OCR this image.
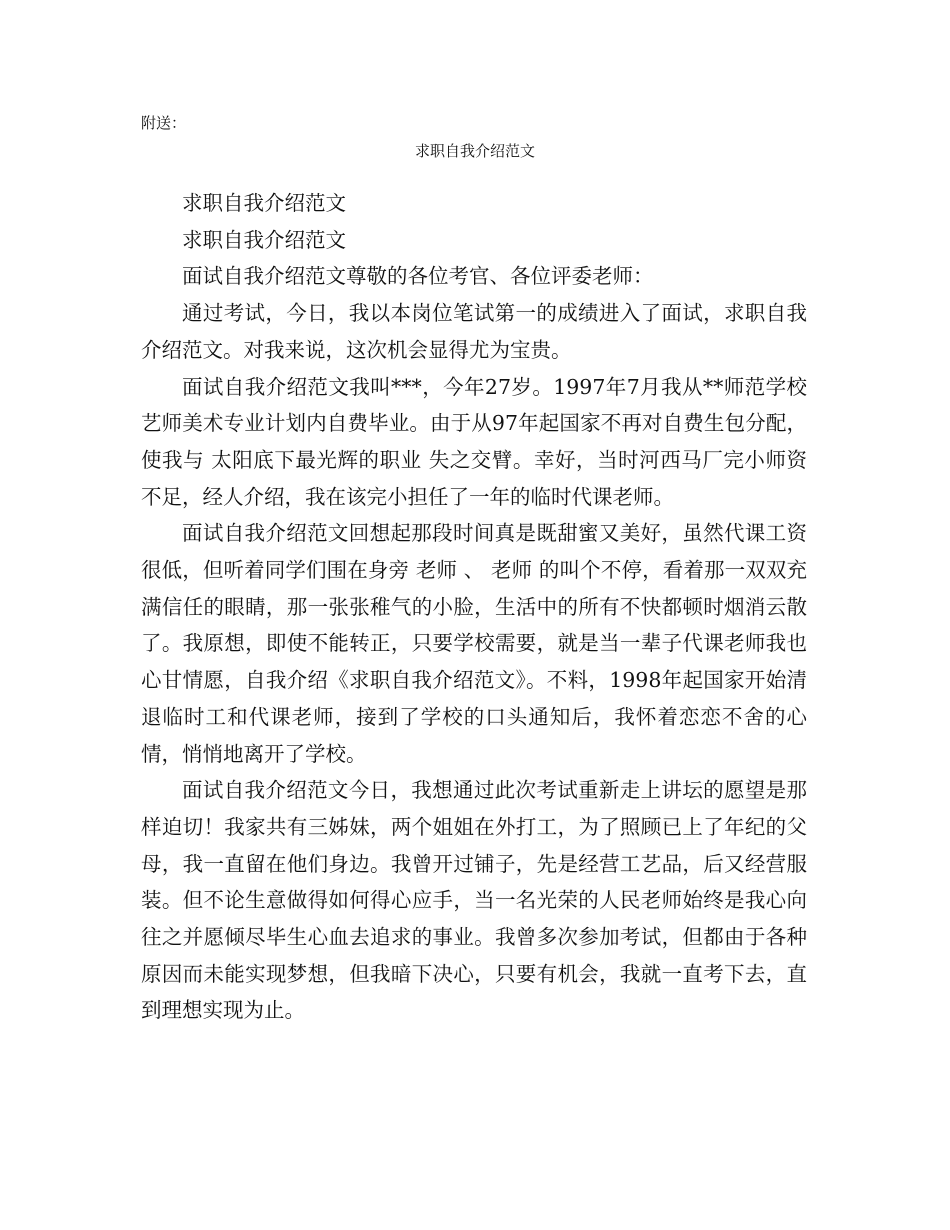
附送：
求职自我介绍范文

求职自我介绍范文

求职自我介绍范文

面试自我介绍范文尊敬的各位考官、各位评委老师：

通过考试，今日，我以本岗位笔试第一的成绩进入了面试，求职自我介绍范文。对我来说，这次机会显得尤为宝贵。

面试自我介绍范文我叫***，今年27岁。1997年7月我从**师范学校艺师美术专业计划内自费毕业。由于从97年起国家不再对自费生包分配，使我与 太阳底下最光辉的职业 失之交臂。幸好，当时河西马厂完小师资不足，经人介绍，我在该完小担任了一年的临时代课老师。

面试自我介绍范文回想起那段时间真是既甜蜜又美好，虽然代课工资很低，但听着同学们围在身旁 老师 、 老师 的叫个不停，看着那一双双充满信任的眼睛，那一张张稚气的小脸，生活中的所有不快都顿时烟消云散了。我原想，即使不能转正，只要学校需要，就是当一辈子代课老师我也心甘情愿，自我介绍《求职自我介绍范文》。不料，1998年起国家开始清退临时工和代课老师，接到了学校的口头通知后，我怀着恋恋不舍的心情，悄悄地离开了学校。

面试自我介绍范文今日，我想通过此次考试重新走上讲坛的愿望是那样迫切！我家共有三姊妹，两个姐姐在外打工，为了照顾已上了年纪的父母，我一直留在他们身边。我曾开过铺子，先是经营工艺品，后又经营服装。但不论生意做得如何得心应手，当一名光荣的人民老师始终是我心向往之并愿倾尽毕生心血去追求的事业。我曾多次参加考试，但都由于各种原因而未能实现梦想，但我暗下决心，只要有机会，我就一直考下去，直到理想实现为止。
